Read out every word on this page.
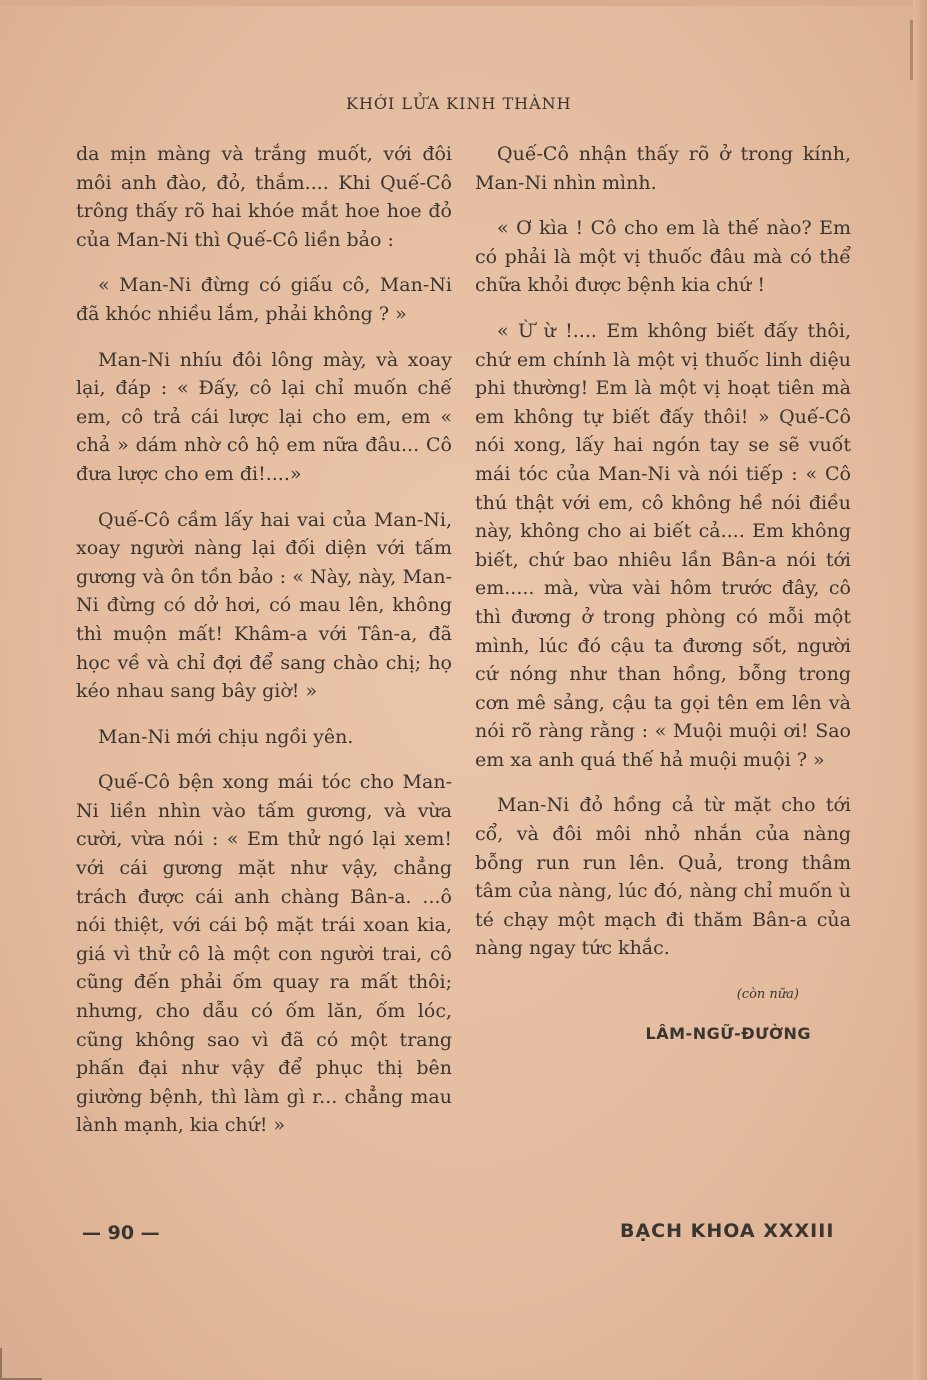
KHỚI LỬA KINH THÀNH

da mịn màng và trắng muốt, với đôi môi anh đào, đỏ, thắm.... Khi Quế-Cô trông thấy rõ hai khóe mắt hoe hoe đỏ của Man-Ni thì Quế-Cô liền bảo :

« Man-Ni đừng có giấu cô, Man-Ni đã khóc nhiều lắm, phải không ? »

Man-Ni nhíu đôi lông mày, và xoay lại, đáp : « Đấy, cô lại chỉ muốn chế em, cô trả cái lược lại cho em, em « chả » dám nhờ cô hộ em nữa đâu... Cô đưa lược cho em đi!....»

Quế-Cô cầm lấy hai vai của Man-Ni, xoay người nàng lại đối diện với tấm gương và ôn tồn bảo : « Này, này, Man-Ni đừng có dở hơi, có mau lên, không thì muộn mất! Khâm-a với Tân-a, đã học về và chỉ đợi để sang chào chị; họ kéo nhau sang bây giờ! »

Man-Ni mới chịu ngồi yên.

Quế-Cô bện xong mái tóc cho Man-Ni liền nhìn vào tấm gương, và vừa cười, vừa nói : « Em thử ngó lại xem! với cái gương mặt như vậy, chẳng trách được cái anh chàng Bân-a. ...ô nói thiệt, với cái bộ mặt trái xoan kia, giá vì thử cô là một con người trai, cô cũng đến phải ốm quay ra mất thôi; nhưng, cho dẫu có ốm lăn, ốm lóc, cũng không sao vì đã có một trang phấn đại như vậy để phục thị bên giường bệnh, thì làm gì r... chẳng mau lành mạnh, kia chứ! »

Quế-Cô nhận thấy rõ ở trong kính, Man-Ni nhìn mình.

« Ơ kìa ! Cô cho em là thế nào? Em có phải là một vị thuốc đâu mà có thể chữa khỏi được bệnh kia chứ !

« Ừ ừ !.... Em không biết đấy thôi, chứ em chính là một vị thuốc linh diệu phi thường! Em là một vị hoạt tiên mà em không tự biết đấy thôi! » Quế-Cô nói xong, lấy hai ngón tay se sẽ vuốt mái tóc của Man-Ni và nói tiếp : « Cô thú thật với em, cô không hề nói điều này, không cho ai biết cả.... Em không biết, chứ bao nhiêu lần Bân-a nói tới em..... mà, vừa vài hôm trước đây, cô thì đương ở trong phòng có mỗi một mình, lúc đó cậu ta đương sốt, người cứ nóng như than hồng, bỗng trong cơn mê sảng, cậu ta gọi tên em lên và nói rõ ràng rằng : « Muội muội ơi! Sao em xa anh quá thế hả muội muội ? »

Man-Ni đỏ hồng cả từ mặt cho tới cổ, và đôi môi nhỏ nhắn của nàng bỗng run run lên. Quả, trong thâm tâm của nàng, lúc đó, nàng chỉ muốn ù té chạy một mạch đi thăm Bân-a của nàng ngay tức khắc.

(còn nữa)
LÂM-NGỮ-ĐƯỜNG
— 90 —	BẠCH KHOA XXXIII
